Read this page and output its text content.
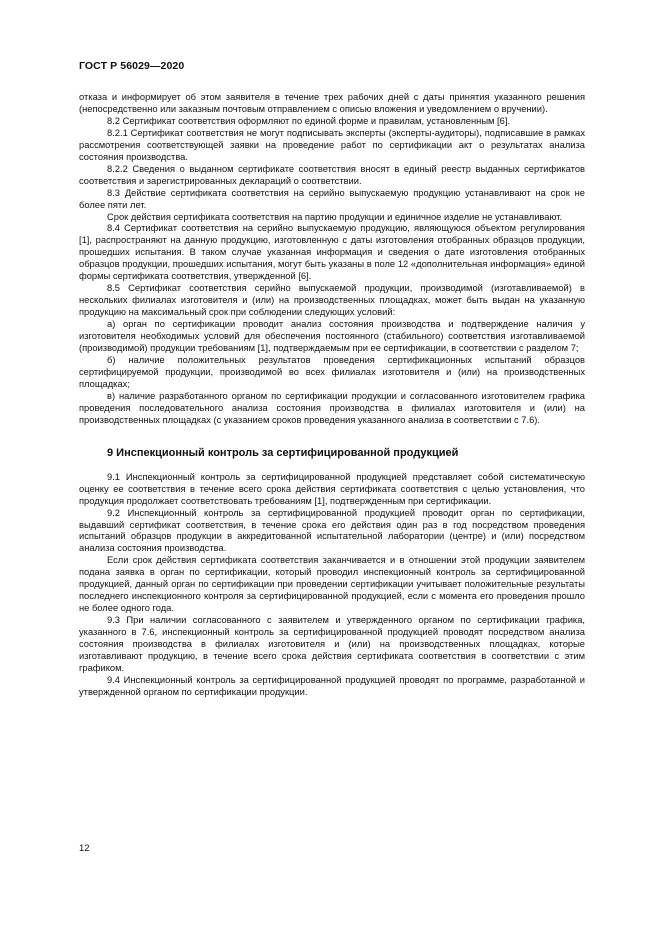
ГОСТ Р 56029—2020

отказа и информирует об этом заявителя в течение трех рабочих дней с даты принятия указанного решения (непосредственно или заказным почтовым отправлением с описью вложения и уведомлением о вручении).

8.2 Сертификат соответствия оформляют по единой форме и правилам, установленным [6].

8.2.1 Сертификат соответствия не могут подписывать эксперты (эксперты-аудиторы), подписавшие в рамках рассмотрения соответствующей заявки на проведение работ по сертификации акт о результатах анализа состояния производства.

8.2.2 Сведения о выданном сертификате соответствия вносят в единый реестр выданных сертификатов соответствия и зарегистрированных деклараций о соответствии.

8.3 Действие сертификата соответствия на серийно выпускаемую продукцию устанавливают на срок не более пяти лет.

Срок действия сертификата соответствия на партию продукции и единичное изделие не устанавливают.

8.4 Сертификат соответствия на серийно выпускаемую продукцию, являющуюся объектом регулирования [1], распространяют на данную продукцию, изготовленную с даты изготовления отобранных образцов продукции, прошедших испытания. В таком случае указанная информация и сведения о дате изготовления отобранных образцов продукции, прошедших испытания, могут быть указаны в поле 12 «дополнительная информация» единой формы сертификата соответствия, утвержденной [6].

8.5 Сертификат соответствия серийно выпускаемой продукции, производимой (изготавливаемой) в нескольких филиалах изготовителя и (или) на производственных площадках, может быть выдан на указанную продукцию на максимальный срок при соблюдении следующих условий:

а) орган по сертификации проводит анализ состояния производства и подтверждение наличия у изготовителя необходимых условий для обеспечения постоянного (стабильного) соответствия изготавливаемой (производимой) продукции требованиям [1], подтверждаемым при ее сертификации, в соответствии с разделом 7;

б) наличие положительных результатов проведения сертификационных испытаний образцов сертифицируемой продукции, производимой во всех филиалах изготовителя и (или) на производственных площадках;

в) наличие разработанного органом по сертификации продукции и согласованного изготовителем графика проведения последовательного анализа состояния производства в филиалах изготовителя и (или) на производственных площадках (с указанием сроков проведения указанного анализа в соответствии с 7.6).

9 Инспекционный контроль за сертифицированной продукцией

9.1 Инспекционный контроль за сертифицированной продукцией представляет собой систематическую оценку ее соответствия в течение всего срока действия сертификата соответствия с целью установления, что продукция продолжает соответствовать требованиям [1], подтвержденным при сертификации.

9.2 Инспекционный контроль за сертифицированной продукцией проводит орган по сертификации, выдавший сертификат соответствия, в течение срока его действия один раз в год посредством проведения испытаний образцов продукции в аккредитованной испытательной лаборатории (центре) и (или) посредством анализа состояния производства.

Если срок действия сертификата соответствия заканчивается и в отношении этой продукции заявителем подана заявка в орган по сертификации, который проводил инспекционный контроль за сертифицированной продукцией, данный орган по сертификации при проведении сертификации учитывает положительные результаты последнего инспекционного контроля за сертифицированной продукцией, если с момента его проведения прошло не более одного года.

9.3 При наличии согласованного с заявителем и утвержденного органом по сертификации графика, указанного в 7.6, инспекционный контроль за сертифицированной продукцией проводят посредством анализа состояния производства в филиалах изготовителя и (или) на производственных площадках, которые изготавливают продукцию, в течение всего срока действия сертификата соответствия в соответствии с этим графиком.

9.4 Инспекционный контроль за сертифицированной продукцией проводят по программе, разработанной и утвержденной органом по сертификации продукции.

12
